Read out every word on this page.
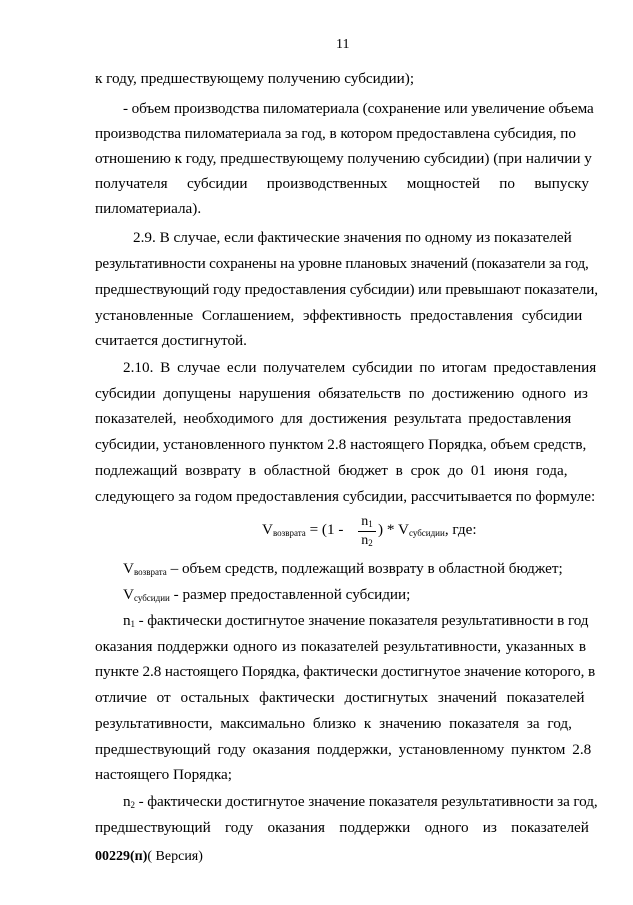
11
к году, предшествующему получению субсидии);
- объем производства пиломатериала (сохранение или увеличение объема
производства пиломатериала за год, в котором предоставлена субсидия, по
отношению к году, предшествующему получению субсидии) (при наличии у
получателя субсидии производственных мощностей по выпуску
пиломатериала).
2.9. В случае, если фактические значения по одному из показателей
результативности сохранены на уровне плановых значений (показатели за год,
предшествующий году предоставления субсидии) или превышают показатели,
установленные Соглашением, эффективность предоставления субсидии
считается достигнутой.
2.10. В случае если получателем субсидии по итогам предоставления
субсидии допущены нарушения обязательств по достижению одного из
показателей, необходимого для достижения результата предоставления
субсидии, установленного пунктом 2.8 настоящего Порядка, объем средств,
подлежащий возврату в областной бюджет в срок до 01 июня года,
следующего за годом предоставления субсидии, рассчитывается по формуле:
$V_{возврата} = (1 - n_1$
$n_2$
) * $V_{субсидии}$, где:
$V_{возврата}$ – объем средств, подлежащий возврату в областной бюджет;
$V_{субсидии}$ - размер предоставленной субсидии;
$n_1$ - фактически достигнутое значение показателя результативности в год
оказания поддержки одного из показателей результативности, указанных в
пункте 2.8 настоящего Порядка, фактически достигнутое значение которого, в
отличие от остальных фактически достигнутых значений показателей
результативности, максимально близко к значению показателя за год,
предшествующий году оказания поддержки, установленному пунктом 2.8
настоящего Порядка;
$n_2$ - фактически достигнутое значение показателя результативности за год,
предшествующий году оказания поддержки одного из показателей
00229(п)( Версия)
